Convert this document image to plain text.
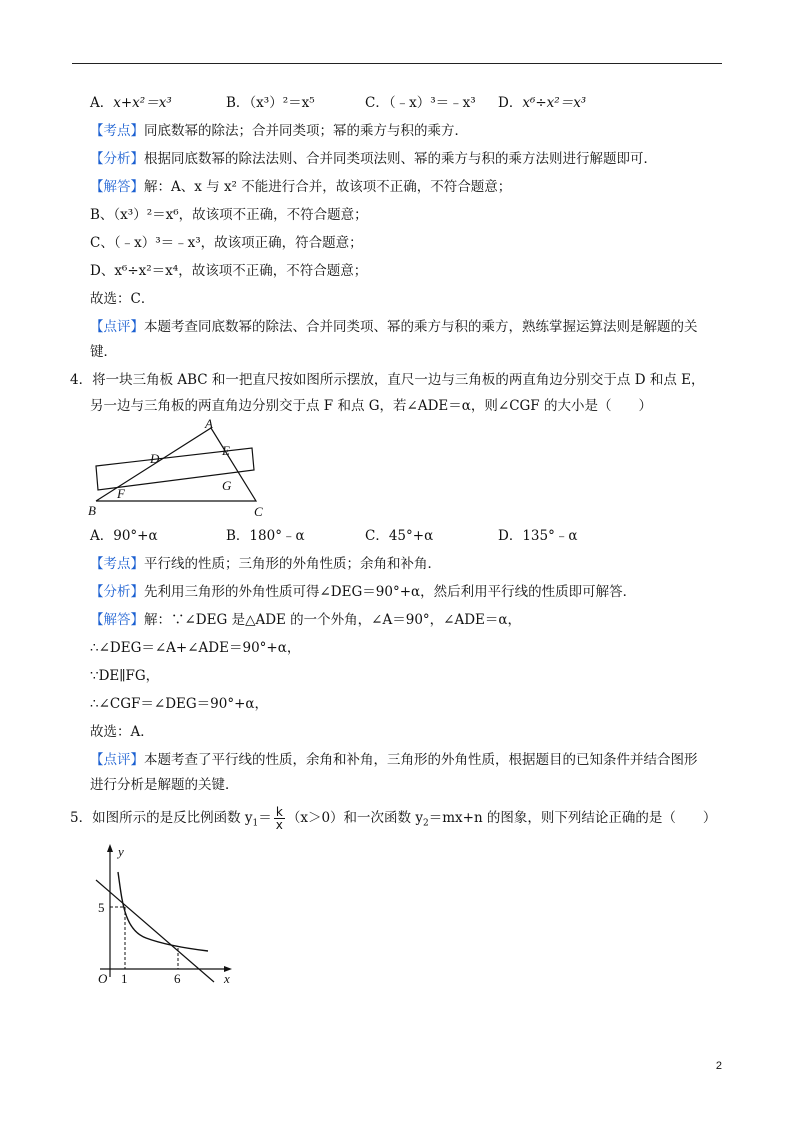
A．x+x²＝x³	B．（x³）²＝x⁵	C．（﹣x）³＝﹣x³ D．x⁶÷x²＝x³
【考点】同底数幂的除法；合并同类项；幂的乘方与积的乘方．
【分析】根据同底数幂的除法法则、合并同类项法则、幂的乘方与积的乘方法则进行解题即可．
【解答】解：A、x 与 x² 不能进行合并，故该项不正确，不符合题意；
B、（x³）²＝x⁶，故该项不正确，不符合题意；
C、（﹣x）³＝﹣x³，故该项正确，符合题意；
D、x⁶÷x²＝x⁴，故该项不正确，不符合题意；
故选：C．
【点评】本题考查同底数幂的除法、合并同类项、幂的乘方与积的乘方，熟练掌握运算法则是解题的关
键．
4．将一块三角板 ABC 和一把直尺按如图所示摆放，直尺一边与三角板的两直角边分别交于点 D 和点 E，
另一边与三角板的两直角边分别交于点 F 和点 G，若∠ADE＝α，则∠CGF 的大小是（　　）
A
B	C
D
E
F
G
A．90°+α	B．180°﹣α	C．45°+α	D．135°﹣α
【考点】平行线的性质；三角形的外角性质；余角和补角．
【分析】先利用三角形的外角性质可得∠DEG＝90°+α，然后利用平行线的性质即可解答．
【解答】解：∵∠DEG 是△ADE 的一个外角，∠A＝90°，∠ADE＝α，
∴∠DEG＝∠A+∠ADE＝90°+α，
∵DE∥FG，
∴∠CGF＝∠DEG＝90°+α，
故选：A．
【点评】本题考查了平行线的性质，余角和补角，三角形的外角性质，根据题目的已知条件并结合图形
进行分析是解题的关键．
5．如图所示的是反比例函数 $y_1= \frac{k}{x} (x>0)$和一次函数 $y_2=mx+n$ 的图象，则下列结论正确的是（　　）
y
x
O
5
1	6
2
